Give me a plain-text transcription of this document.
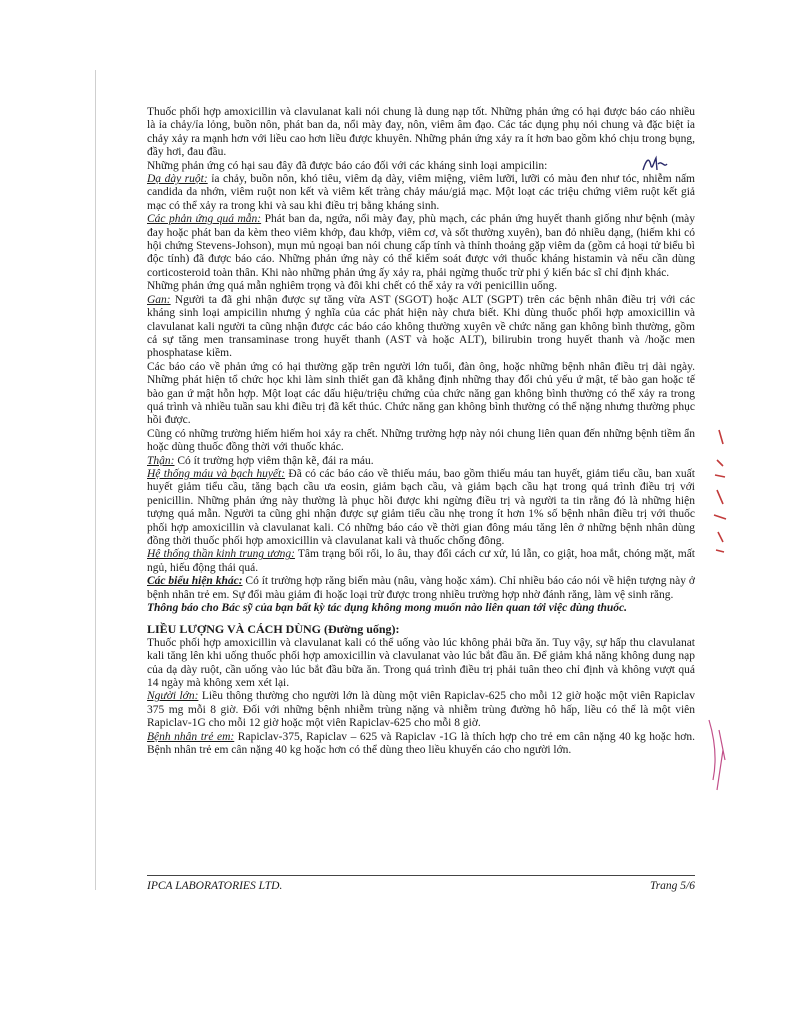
Thuốc phối hợp amoxicillin và clavulanat kali nói chung là dung nạp tốt. Những phản ứng có hại được báo cáo nhiều là ỉa chảy/ỉa lỏng, buồn nôn, phát ban da, nổi mày đay, nôn, viêm âm đạo. Các tác dụng phụ nói chung và đặc biệt ỉa chảy xảy ra mạnh hơn với liều cao hơn liều được khuyên. Những phản ứng xảy ra ít hơn bao gồm khó chịu trong bụng, đầy hơi, đau đầu.

Những phản ứng có hại sau đây đã được báo cáo đối với các kháng sinh loại ampicilin:

Dạ dày ruột: ỉa chảy, buồn nôn, khó tiêu, viêm dạ dày, viêm miệng, viêm lưỡi, lưỡi có màu đen như tóc, nhiễm nấm candida da nhớn, viêm ruột non kết và viêm kết tràng chảy máu/giả mạc. Một loạt các triệu chứng viêm ruột kết giả mạc có thể xảy ra trong khi và sau khi điều trị bằng kháng sinh.

Các phản ứng quá mẫn: Phát ban da, ngứa, nổi mày đay, phù mạch, các phản ứng huyết thanh giống như bệnh (mày đay hoặc phát ban da kèm theo viêm khớp, đau khớp, viêm cơ, và sốt thường xuyên), ban đỏ nhiều dạng, (hiếm khi có hội chứng Stevens-Johson), mụn mủ ngoại ban nói chung cấp tính và thỉnh thoảng gặp viêm da (gồm cả hoại tử biểu bì độc tính) đã được báo cáo. Những phản ứng này có thể kiểm soát được với thuốc kháng histamin và nếu cần dùng corticosteroid toàn thân. Khi nào những phản ứng ấy xảy ra, phải ngừng thuốc trừ phi ý kiến bác sĩ chỉ định khác.

Những phản ứng quá mẫn nghiêm trọng và đôi khi chết có thể xảy ra với penicillin uống.

Gan: Người ta đã ghi nhận được sự tăng vừa AST (SGOT) hoặc ALT (SGPT) trên các bệnh nhân điều trị với các kháng sinh loại ampicilin nhưng ý nghĩa của các phát hiện này chưa biết. Khi dùng thuốc phối hợp amoxicillin và clavulanat kali người ta cũng nhận được các báo cáo không thường xuyên về chức năng gan không bình thường, gồm cả sự tăng men transaminase trong huyết thanh (AST và hoặc ALT), bilirubin trong huyết thanh và /hoặc men phosphatase kiềm.

Các báo cáo về phản ứng có hại thường gặp trên người lớn tuổi, đàn ông, hoặc những bệnh nhân điều trị dài ngày. Những phát hiện tổ chức học khi làm sinh thiết gan đã khẳng định những thay đổi chủ yếu ứ mật, tế bào gan hoặc tế bào gan ứ mật hỗn hợp. Một loạt các dấu hiệu/triệu chứng của chức năng gan không bình thường có thể xảy ra trong quá trình và nhiều tuần sau khi điều trị đã kết thúc. Chức năng gan không bình thường có thể nặng nhưng thường phục hồi được.

Cũng có những trường hiếm hiếm hoi xảy ra chết. Những trường hợp này nói chung liên quan đến những bệnh tiềm ẩn hoặc dùng thuốc đồng thời với thuốc khác.

Thận: Có ít trường hợp viêm thận kẽ, đái ra máu.

Hệ thống máu và bạch huyết: Đã có các báo cáo về thiếu máu, bao gồm thiếu máu tan huyết, giảm tiểu cầu, ban xuất huyết giảm tiểu cầu, tăng bạch cầu ưa eosin, giảm bạch cầu, và giảm bạch cầu hạt trong quá trình điều trị với penicillin. Những phản ứng này thường là phục hồi được khi ngừng điều trị và người ta tin rằng đó là những hiện tượng quá mẫn. Người ta cũng ghi nhận được sự giảm tiểu cầu nhẹ trong ít hơn 1% số bệnh nhân điều trị với thuốc phối hợp amoxicillin và clavulanat kali. Có những báo cáo về thời gian đông máu tăng lên ở những bệnh nhân dùng đồng thời thuốc phối hợp amoxicillin và clavulanat kali và thuốc chống đông.

Hệ thống thần kinh trung ương: Tâm trạng bối rối, lo âu, thay đổi cách cư xử, lú lẫn, co giật, hoa mắt, chóng mặt, mất ngủ, hiếu động thái quá.

Các biểu hiện khác: Có ít trường hợp răng biến màu (nâu, vàng hoặc xám). Chỉ nhiều báo cáo nói về hiện tượng này ở bệnh nhân trẻ em. Sự đổi màu giảm đi hoặc loại trừ được trong nhiều trường hợp nhờ đánh răng, làm vệ sinh răng.

Thông báo cho Bác sỹ của bạn bất kỳ tác dụng không mong muốn nào liên quan tới việc dùng thuốc.

LIỀU LƯỢNG VÀ CÁCH DÙNG (Đường uống):

Thuốc phối hợp amoxicillin và clavulanat kali có thể uống vào lúc không phải bữa ăn. Tuy vậy, sự hấp thu clavulanat kali tăng lên khi uống thuốc phối hợp amoxicillin và clavulanat vào lúc bắt đầu ăn. Để giảm khả năng không dung nạp của dạ dày ruột, cần uống vào lúc bắt đầu bữa ăn. Trong quá trình điều trị phải tuân theo chỉ định và không vượt quá 14 ngày mà không xem xét lại.

Người lớn: Liều thông thường cho người lớn là dùng một viên Rapiclav-625 cho mỗi 12 giờ hoặc một viên Rapiclav 375 mg mỗi 8 giờ. Đối với những bệnh nhiễm trùng nặng và nhiễm trùng đường hô hấp, liều có thể là một viên Rapiclav-1G cho mỗi 12 giờ hoặc một viên Rapiclav-625 cho mỗi 8 giờ.

Bệnh nhân trẻ em: Rapiclav-375, Rapiclav – 625 và Rapiclav -1G là thích hợp cho trẻ em cân nặng 40 kg hoặc hơn. Bệnh nhân trẻ em cân nặng 40 kg hoặc hơn có thể dùng theo liều khuyến cáo cho người lớn.

IPCA LABORATORIES LTD.	Trang 5/6
